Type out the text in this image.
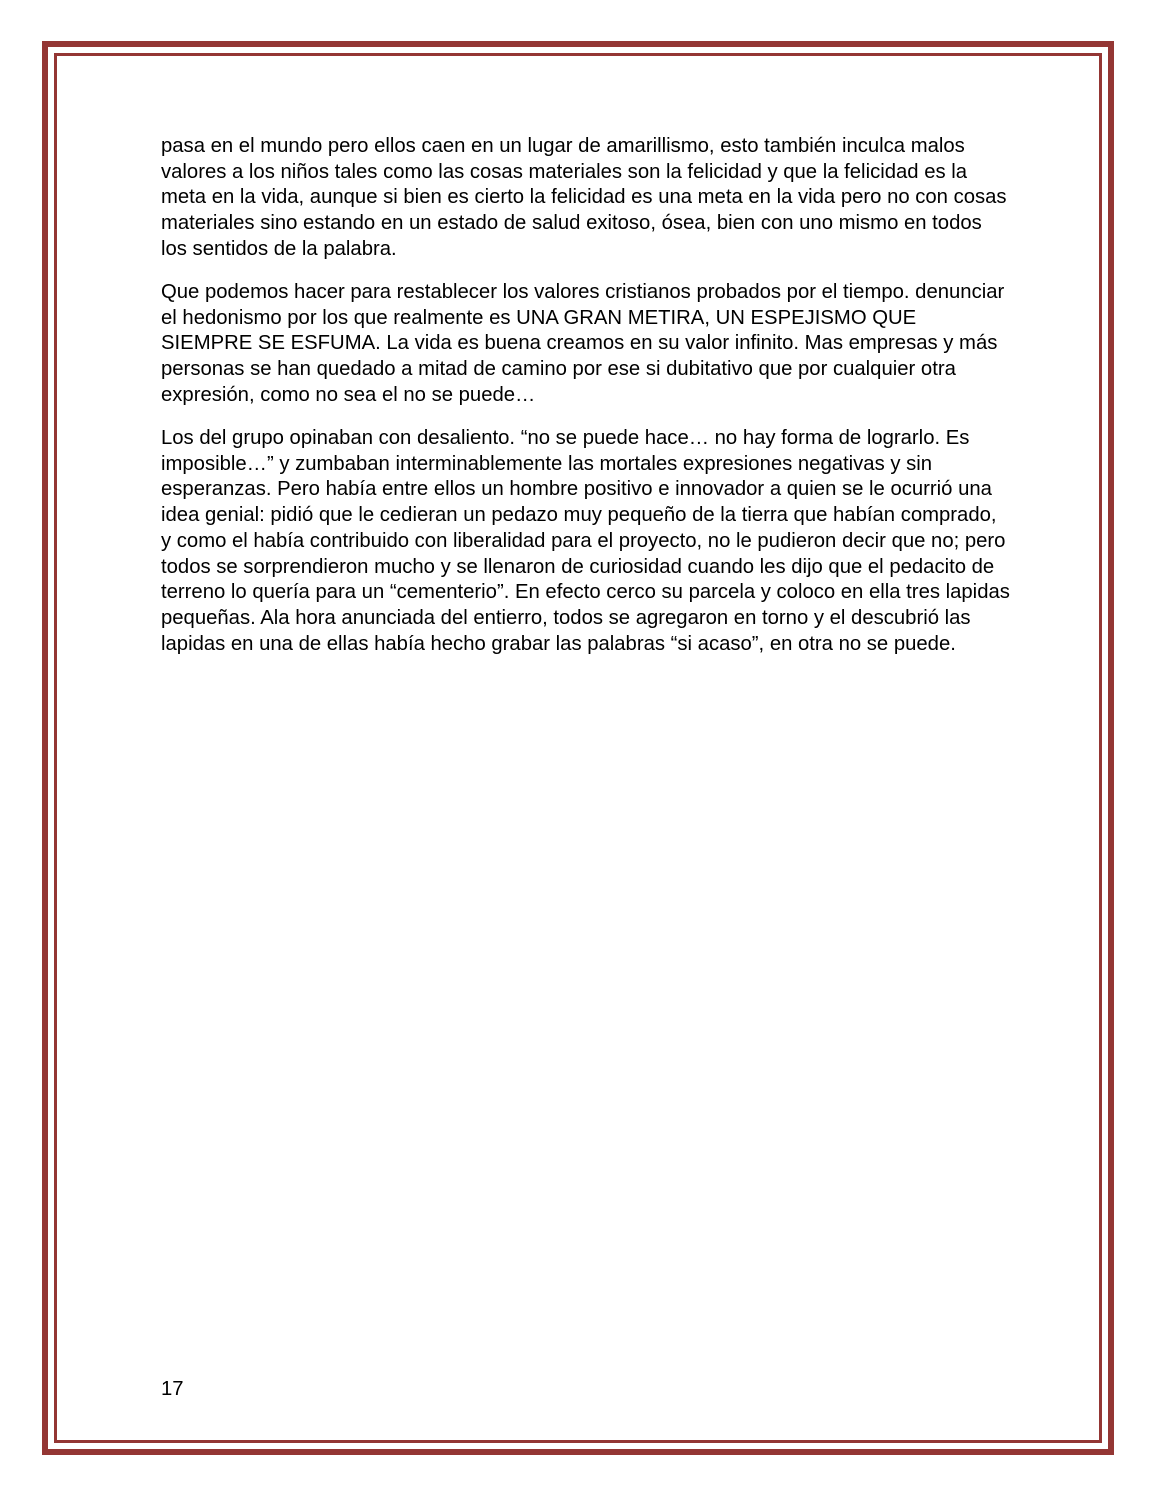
pasa en el mundo pero ellos caen en un lugar de amarillismo, esto también inculca malos valores a los niños tales como las cosas materiales son la felicidad y que la felicidad es la meta en la vida, aunque si bien es cierto la felicidad es una meta en la vida pero no con cosas materiales sino estando en un estado de salud exitoso, ósea, bien con uno mismo en todos los sentidos de la palabra.

Que podemos hacer para restablecer los valores cristianos probados por el tiempo. denunciar el hedonismo por los que realmente es UNA GRAN METIRA, UN ESPEJISMO QUE SIEMPRE SE ESFUMA. La vida es buena creamos en su valor infinito. Mas empresas y más personas se han quedado a mitad de camino por ese si dubitativo que por cualquier otra expresión, como no sea el no se puede…

Los del grupo opinaban con desaliento. “no se puede hace… no hay forma de lograrlo. Es imposible…” y zumbaban interminablemente las mortales expresiones negativas y sin esperanzas. Pero había entre ellos un hombre positivo e innovador a quien se le ocurrió una idea genial: pidió que le cedieran un pedazo muy pequeño de la tierra que habían comprado, y como el había contribuido con liberalidad para el proyecto, no le pudieron decir que no; pero todos se sorprendieron mucho y se llenaron de curiosidad cuando les dijo que el pedacito de terreno lo quería para un “cementerio”. En efecto cerco su parcela y coloco en ella tres lapidas pequeñas. Ala hora anunciada del entierro, todos se agregaron en torno y el descubrió las lapidas en una de ellas había hecho grabar las palabras “si acaso”, en otra no se puede.

17
